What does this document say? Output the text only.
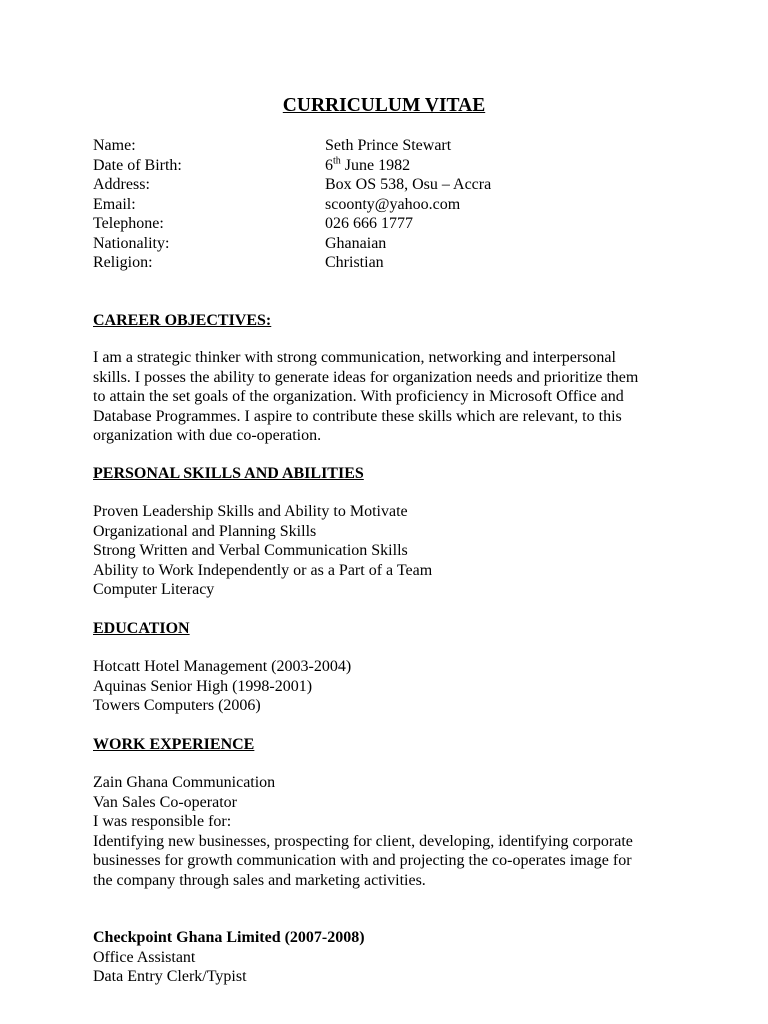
CURRICULUM VITAE
Name:	Seth Prince Stewart
Date of Birth:	6th June 1982
Address:	Box OS 538, Osu – Accra
Email:	scoonty@yahoo.com
Telephone:	026 666 1777
Nationality:	Ghanaian
Religion:	Christian
CAREER OBJECTIVES:
I am a strategic thinker with strong communication, networking and interpersonal
skills. I posses the ability to generate ideas for organization needs and prioritize them
to attain the set goals of the organization. With proficiency in Microsoft Office and
Database Programmes. I aspire to contribute these skills which are relevant, to this
organization with due co-operation.
PERSONAL SKILLS AND ABILITIES
Proven Leadership Skills and Ability to Motivate
Organizational and Planning Skills
Strong Written and Verbal Communication Skills
Ability to Work Independently or as a Part of a Team
Computer Literacy
EDUCATION
Hotcatt Hotel Management (2003-2004)
Aquinas Senior High (1998-2001)
Towers Computers (2006)
WORK EXPERIENCE
Zain Ghana Communication
Van Sales Co-operator
I was responsible for:
Identifying new businesses, prospecting for client, developing, identifying corporate
businesses for growth communication with and projecting the co-operates image for
the company through sales and marketing activities.
Checkpoint Ghana Limited (2007-2008)
Office Assistant
Data Entry Clerk/Typist
